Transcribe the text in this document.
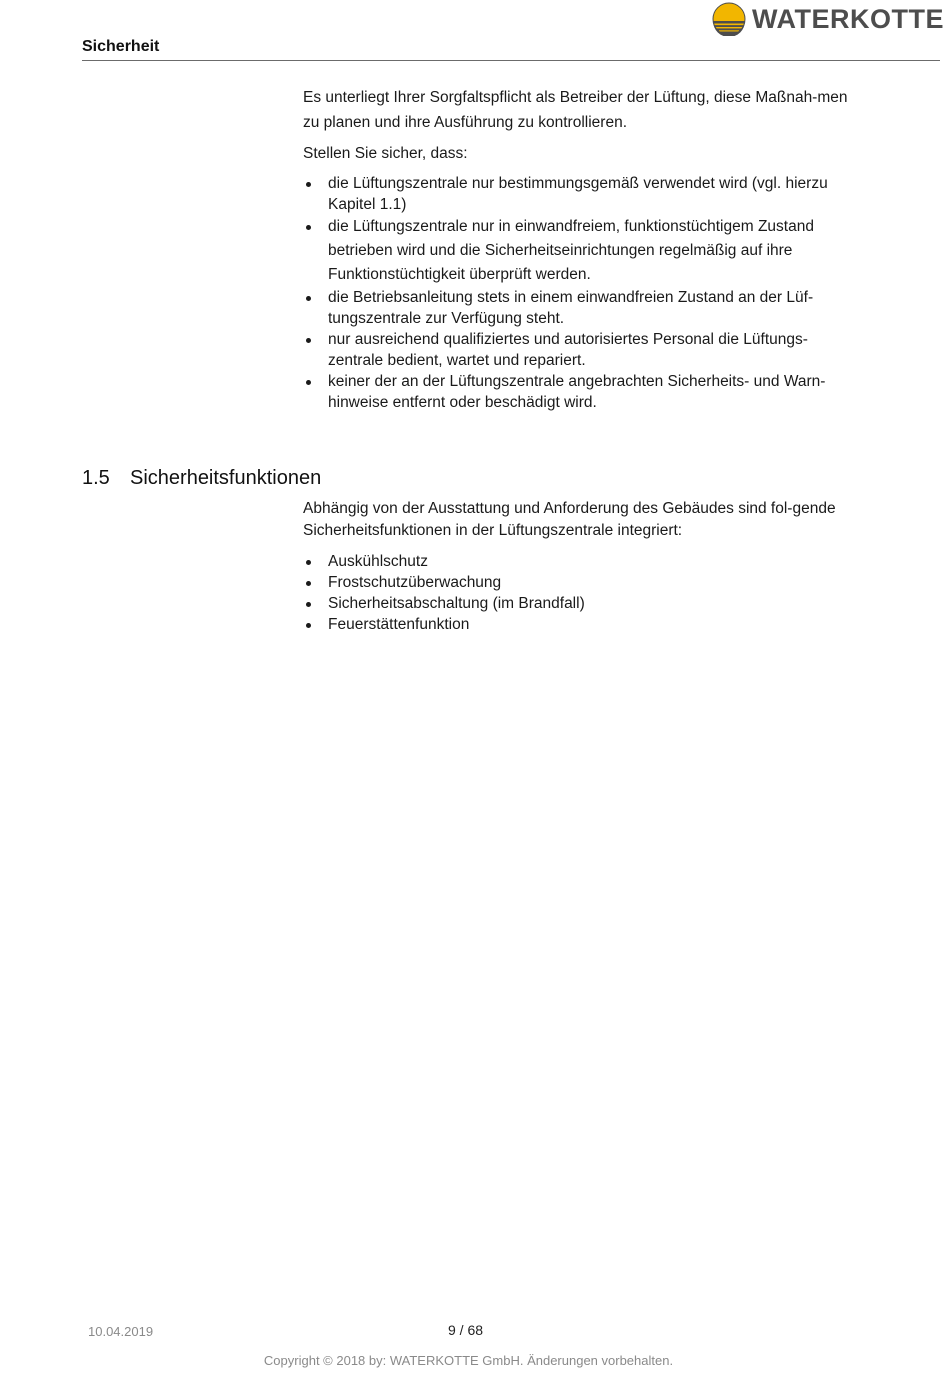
WATERKOTTE
Sicherheit

Es unterliegt Ihrer Sorgfaltspflicht als Betreiber der Lüftung, diese Maßnah-men zu planen und ihre Ausführung zu kontrollieren.

Stellen Sie sicher, dass:

die Lüftungszentrale nur bestimmungsgemäß verwendet wird (vgl. hierzu Kapitel 1.1)
die Lüftungszentrale nur in einwandfreiem, funktionstüchtigem Zustand betrieben wird und die Sicherheitseinrichtungen regelmäßig auf ihre Funktionstüchtigkeit überprüft werden.
die Betriebsanleitung stets in einem einwandfreien Zustand an der Lüf-tungszentrale zur Verfügung steht.
nur ausreichend qualifiziertes und autorisiertes Personal die Lüftungs-zentrale bedient, wartet und repariert.
keiner der an der Lüftungszentrale angebrachten Sicherheits- und Warn-hinweise entfernt oder beschädigt wird.
1.5 Sicherheitsfunktionen

Abhängig von der Ausstattung und Anforderung des Gebäudes sind fol-gende Sicherheitsfunktionen in der Lüftungszentrale integriert:

Auskühlschutz
Frostschutzüberwachung
Sicherheitsabschaltung (im Brandfall)
Feuerstättenfunktion
10.04.2019	9 / 68
Copyright © 2018 by: WATERKOTTE GmbH. Änderungen vorbehalten.
